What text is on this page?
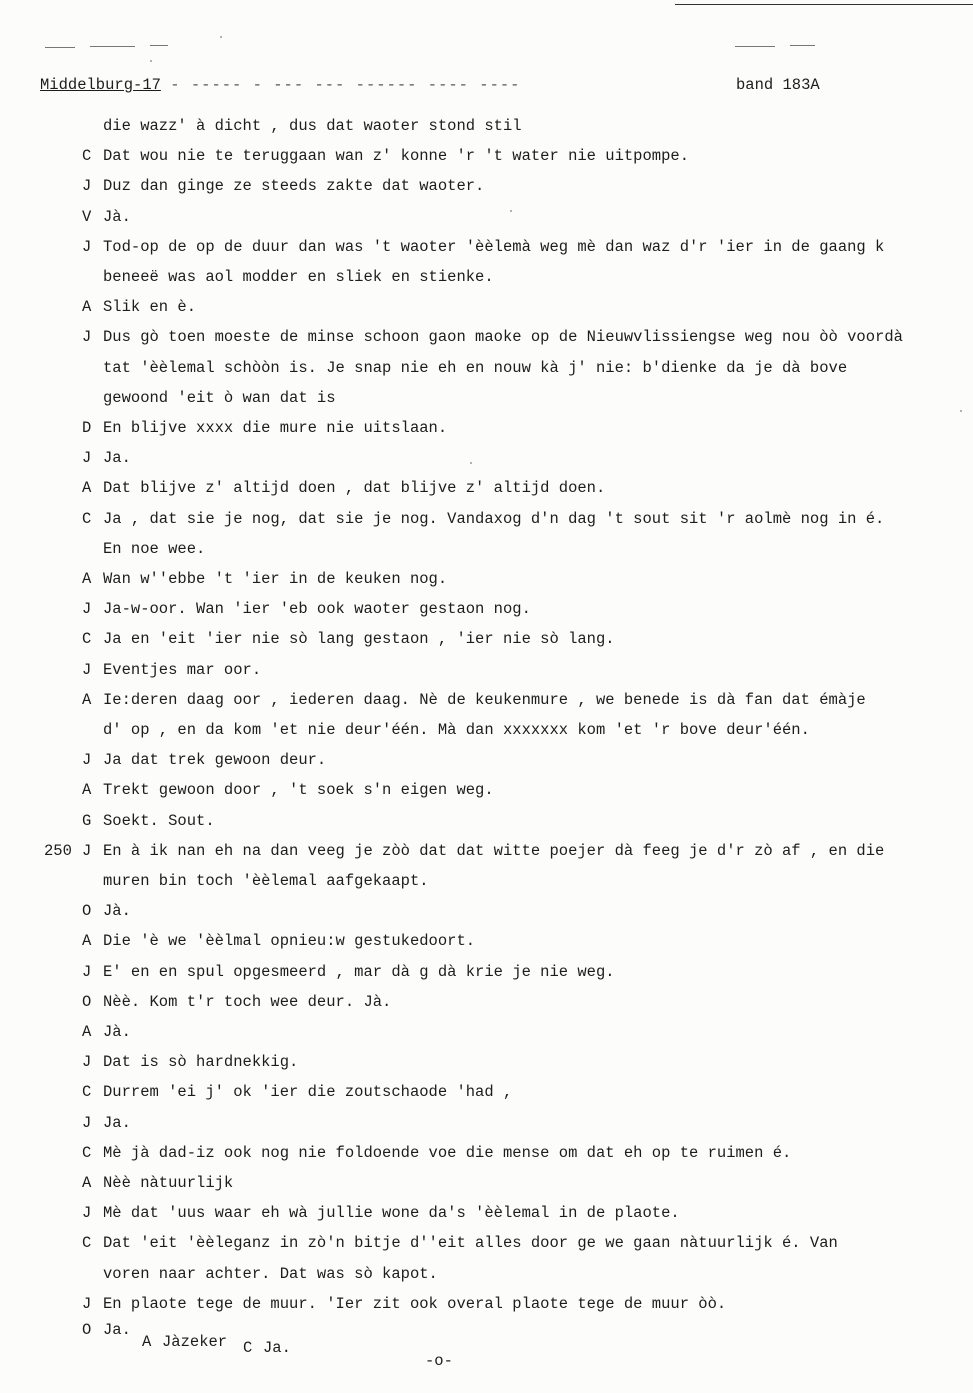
Middelburg-17 - ----- - --- --- ------ ---- ----	band 183A
die wazz' à dicht , dus dat waoter stond stil
C Dat wou nie te teruggaan wan z' konne 'r 't water nie uitpompe.
J Duz dan ginge ze steeds zakte dat waoter.
V Jà.
J Tod-op de op de duur dan was 't waoter 'èèlemà weg mè dan waz d'r 'ier in de gaang k
beneeë was aol modder en sliek en stienke.
A Slik en è.
J Dus gò toen moeste de minse schoon gaon maoke op de Nieuwvlissiengse weg nou òò voordà
tat 'èèlemal schòòn is. Je snap nie eh en nouw kà j' nie: b'dienke da je dà bove
gewoond 'eit ò wan dat is
D En blijve xxxx die mure nie uitslaan.
J Ja.
A Dat blijve z' altijd doen , dat blijve z' altijd doen.
C Ja , dat sie je nog, dat sie je nog. Vandaxog d'n dag 't sout sit 'r aolmè nog in é.
En noe wee.
A Wan w''ebbe 't 'ier in de keuken nog.
J Ja-w-oor. Wan 'ier 'eb ook waoter gestaon nog.
C Ja en 'eit 'ier nie sò lang gestaon , 'ier nie sò lang.
J Eventjes mar oor.
A Ie:deren daag oor , iederen daag. Nè de keukenmure , we benede is dà fan dat émàje
d' op , en da kom 'et nie deur'één. Mà dan xxxxxxx kom 'et 'r bove deur'één.
J Ja dat trek gewoon deur.
A Trekt gewoon door , 't soek s'n eigen weg.
G Soekt. Sout.
250 J En à ik nan eh na dan veeg je zòò dat dat witte poejer dà feeg je d'r zò af , en die
muren bin toch 'èèlemal aafgekaapt.
O Jà.
A Die 'è we 'èèlmal opnieu:w gestukedoort.
J E' en en spul opgesmeerd , mar dà g dà krie je nie weg.
O Nèè. Kom t'r toch wee deur. Jà.
A Jà.
J Dat is sò hardnekkig.
C Durrem 'ei j' ok 'ier die zoutschaode 'had ,
J Ja.
C Mè jà dad-iz ook nog nie foldoende voe die mense om dat eh op te ruimen é.
A Nèè nàtuurlijk
J Mè dat 'uus waar eh wà jullie wone da's 'èèlemal in de plaote.
C Dat 'eit 'èèleganz in zò'n bitje d''eit alles door ge we gaan nàtuurlijk é. Van
voren naar achter. Dat was sò kapot.
J En plaote tege de muur. 'Ier zit ook overal plaote tege de muur òò.
O Ja.
A Jàzeker C Ja.
-o-
